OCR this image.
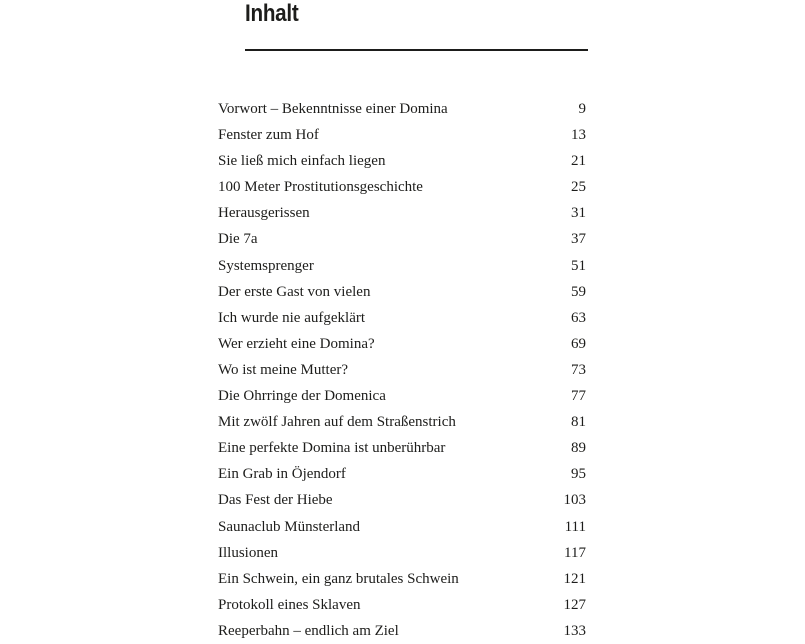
Inhalt
Vorwort – Bekenntnisse einer Domina	9
Fenster zum Hof	13
Sie ließ mich einfach liegen	21
100 Meter Prostitutionsgeschichte	25
Herausgerissen	31
Die 7a	37
Systemsprenger	51
Der erste Gast von vielen	59
Ich wurde nie aufgeklärt	63
Wer erzieht eine Domina?	69
Wo ist meine Mutter?	73
Die Ohrringe der Domenica	77
Mit zwölf Jahren auf dem Straßenstrich	81
Eine perfekte Domina ist unberührbar	89
Ein Grab in Öjendorf	95
Das Fest der Hiebe	103
Saunaclub Münsterland	111
Illusionen	117
Ein Schwein, ein ganz brutales Schwein	121
Protokoll eines Sklaven	127
Reeperbahn – endlich am Ziel	133
